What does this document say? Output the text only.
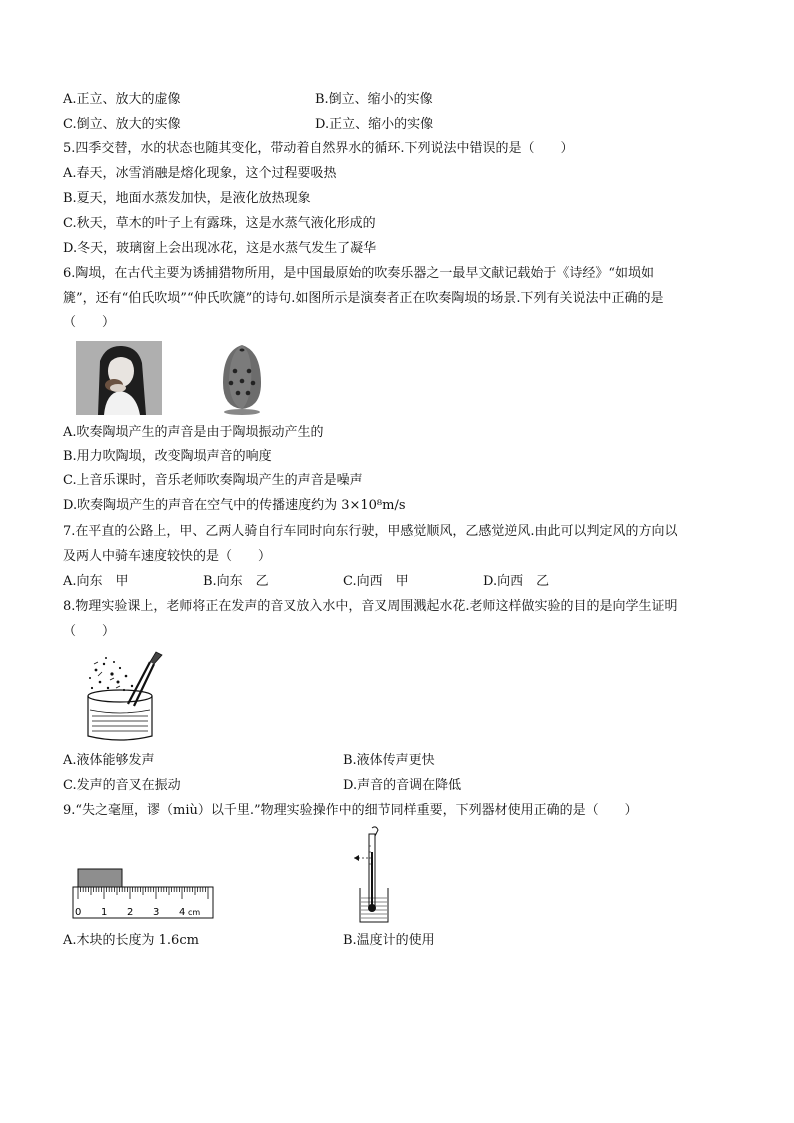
A.正立、放大的虚像	B.倒立、缩小的实像
C.倒立、放大的实像	D.正立、缩小的实像
5.四季交替，水的状态也随其变化，带动着自然界水的循环.下列说法中错误的是（　　）
A.春天，冰雪消融是熔化现象，这个过程要吸热
B.夏天，地面水蒸发加快，是液化放热现象
C.秋天，草木的叶子上有露珠，这是水蒸气液化形成的
D.冬天，玻璃窗上会出现冰花，这是水蒸气发生了凝华
6.陶埙，在古代主要为诱捕猎物所用，是中国最原始的吹奏乐器之一最早文献记载始于《诗经》“如埙如
篪”，还有“伯氏吹埙”“仲氏吹篪”的诗句.如图所示是演奏者正在吹奏陶埙的场景.下列有关说法中正确的是
（　　）
A.吹奏陶埙产生的声音是由于陶埙振动产生的
B.用力吹陶埙，改变陶埙声音的响度
C.上音乐课时，音乐老师吹奏陶埙产生的声音是噪声
D.吹奏陶埙产生的声音在空气中的传播速度约为 3×10⁸m/s
7.在平直的公路上，甲、乙两人骑自行车同时向东行驶，甲感觉顺风，乙感觉逆风.由此可以判定风的方向以
及两人中骑车速度较快的是（　　）
A.向东　甲	B.向东　乙	C.向西　甲	D.向西　乙
8.物理实验课上，老师将正在发声的音叉放入水中，音叉周围溅起水花.老师这样做实验的目的是向学生证明
（　　）
A.液体能够发声	B.液体传声更快
C.发声的音叉在振动	D.声音的音调在降低
9.“失之毫厘，谬（miù）以千里.”物理实验操作中的细节同样重要，下列器材使用正确的是（　　）
0 1 2 3 4 cm
A.木块的长度为 1.6cm	B.温度计的使用
